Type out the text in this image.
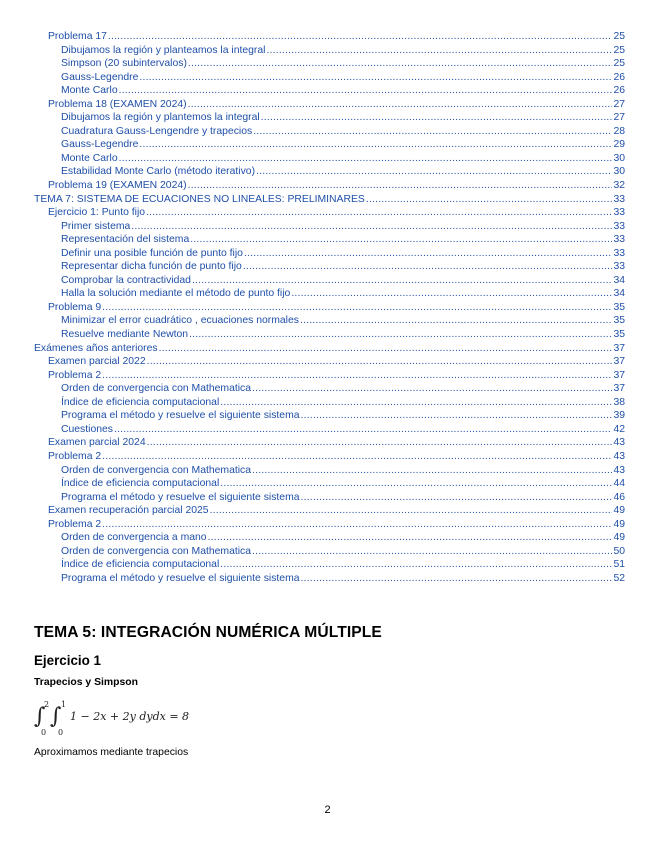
Problema 17 .....	25
Dibujamos la región y planteamos la integral .....	25
Simpson (20 subintervalos) .....	25
Gauss-Legendre .....	26
Monte Carlo .....	26
Problema 18 (EXAMEN 2024) .....	27
Dibujamos la región y plantemos la integral .....	27
Cuadratura Gauss-Lengendre y trapecios .....	28
Gauss-Legendre .....	29
Monte Carlo .....	30
Estabilidad Monte Carlo (método iterativo) .....	30
Problema 19 (EXAMEN 2024) .....	32
TEMA 7: SISTEMA DE ECUACIONES NO LINEALES: PRELIMINARES .....	33
Ejercicio 1: Punto fijo .....	33
Primer sistema .....	33
Representación del sistema .....	33
Definir una posible función de punto fijo .....	33
Representar dicha función de punto fijo .....	33
Comprobar la contractividad .....	34
Halla la solución mediante el método de punto fijo .....	34
Problema 9 .....	35
Minimizar el error cuadrático , ecuaciones normales .....	35
Resuelve mediante Newton .....	35
Exámenes años anteriores .....	37
Examen parcial 2022 .....	37
Problema 2 .....	37
Orden de convergencia con Mathematica .....	37
Índice de eficiencia computacional .....	38
Programa el método y resuelve el siguiente sistema .....	39
Cuestiones .....	42
Examen parcial 2024 .....	43
Problema 2 .....	43
Orden de convergencia con Mathematica .....	43
Índice de eficiencia computacional .....	44
Programa el método y resuelve el siguiente sistema .....	46
Examen recuperación parcial 2025 .....	49
Problema 2 .....	49
Orden de convergencia a mano .....	49
Orden de convergencia con Mathematica .....	50
Índice de eficiencia computacional .....	51
Programa el método y resuelve el siguiente sistema .....	52
TEMA 5: INTEGRACIÓN NUMÉRICA MÚLTIPLE
Ejercicio 1
Trapecios y Simpson
∫
2
0
∫ 1
0
1 − 2x + 2y dydx = 8

Aproximamos mediante trapecios

2
